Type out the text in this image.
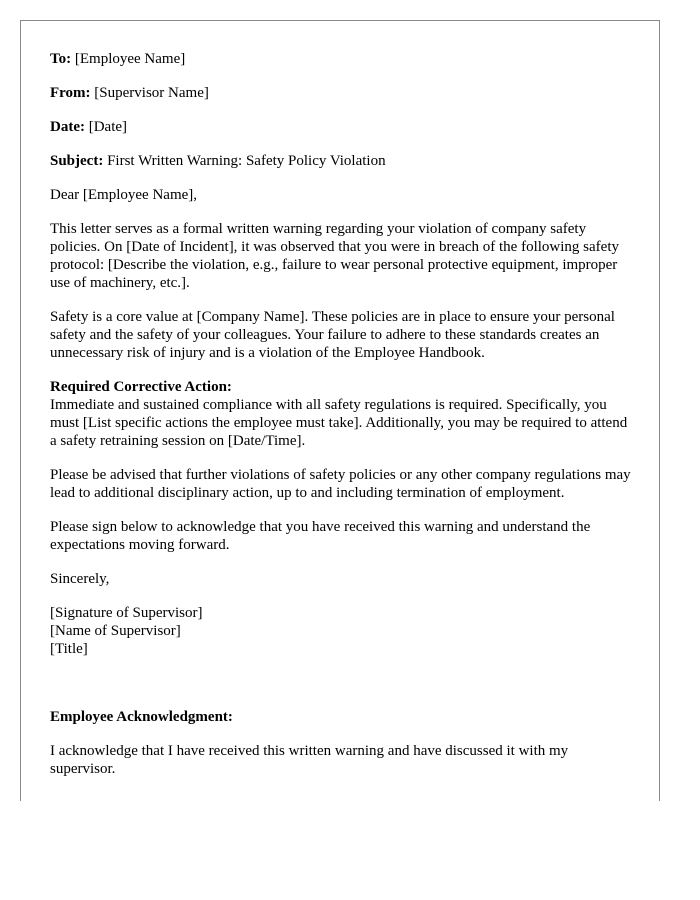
To: [Employee Name]

From: [Supervisor Name]

Date: [Date]

Subject: First Written Warning: Safety Policy Violation

Dear [Employee Name],

This letter serves as a formal written warning regarding your violation of company safety policies. On [Date of Incident], it was observed that you were in breach of the following safety protocol: [Describe the violation, e.g., failure to wear personal protective equipment, improper use of machinery, etc.].

Safety is a core value at [Company Name]. These policies are in place to ensure your personal safety and the safety of your colleagues. Your failure to adhere to these standards creates an unnecessary risk of injury and is a violation of the Employee Handbook.

Required Corrective Action:
Immediate and sustained compliance with all safety regulations is required. Specifically, you must [List specific actions the employee must take]. Additionally, you may be required to attend a safety retraining session on [Date/Time].

Please be advised that further violations of safety policies or any other company regulations may lead to additional disciplinary action, up to and including termination of employment.

Please sign below to acknowledge that you have received this warning and understand the expectations moving forward.

Sincerely,

[Signature of Supervisor]
[Name of Supervisor]
[Title]

Employee Acknowledgment:

I acknowledge that I have received this written warning and have discussed it with my supervisor.
